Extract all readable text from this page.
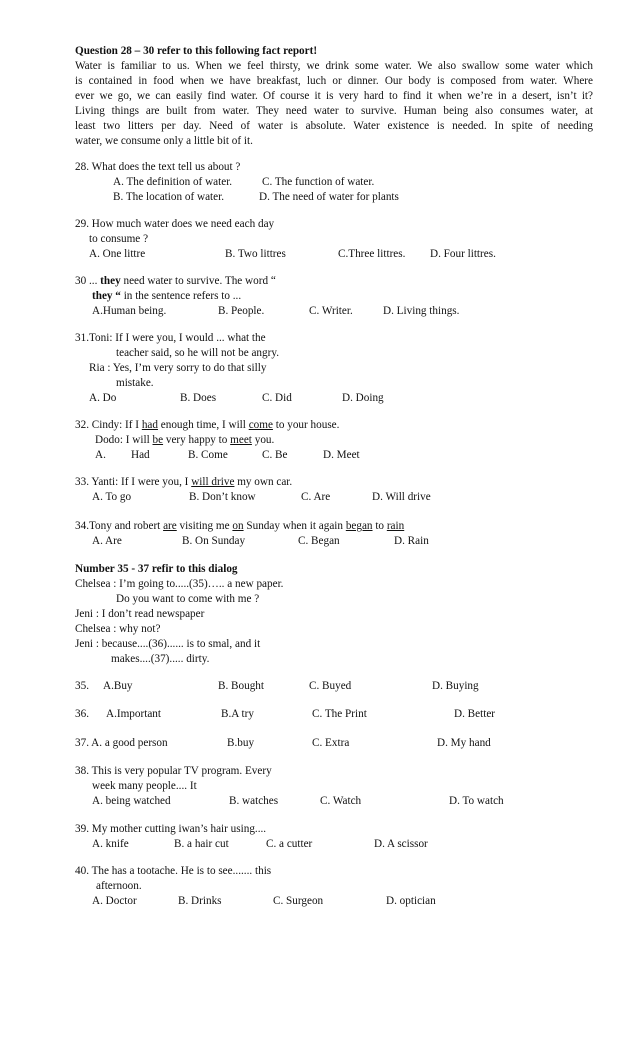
Question 28 – 30 refer to this following fact report!
Water is familiar to us. When we feel thirsty, we drink some water. We also swallow some water which
is contained in food when we have breakfast, luch or dinner. Our body is composed from water. Where
ever we go, we can easily find water. Of course it is very hard to find it when we’re in a desert, isn’t it?
Living things are built from water. They need water to survive. Human being also consumes water, at
least two litters per day. Need of water is absolute. Water existence is needed. In spite of needing
water, we consume only a little bit of it.
28. What does the text tell us about ?
A. The definition of water.	C. The function of water.
B. The location of water.	D. The need of water for plants
29. How much water does we need each day
to consume ?
A. One littre	B. Two littres	C.Three littres. D. Four littres.
30 ... they need water to survive. The word “
they “ in the sentence refers to ...
A.Human being.	B. People.	C. Writer.	D. Living things.
31.Toni: If I were you, I would ... what the
teacher said, so he will not be angry.
Ria : Yes, I’m very sorry to do that silly
mistake.
A. Do	B. Does	C. Did	D. Doing
32. Cindy: If I had enough time, I will come to your house.
Dodo: I will be very happy to meet you.
A. Had	B. Come	C. Be	D. Meet
33. Yanti: If I were you, I will drive my own car.
A. To go	B. Don’t know	C. Are	D. Will drive
34.Tony and robert are visiting me on Sunday when it again began to rain
A. Are	B. On Sunday	C. Began	D. Rain
Number 35 - 37 refir to this dialog
Chelsea : I’m going to.....(35)….. a new paper.
Do you want to come with me ?
Jeni : I don’t read newspaper
Chelsea : why not?
Jeni : because....(36)...... is to smal, and it
makes....(37)..... dirty.
35. A.Buy	B. Bought	C. Buyed	D. Buying
36. A.Important	B.A try	C. The Print	D. Better
37. A. a good person	B.buy	C. Extra	D. My hand
38. This is very popular TV program. Every
week many people.... It
A. being watched	B. watches	C. Watch	D. To watch
39. My mother cutting iwan’s hair using....
A. knife	B. a hair cut	C. a cutter	D. A scissor
40. The has a tootache. He is to see....... this
afternoon.
A. Doctor	B. Drinks	C. Surgeon	D. optician
